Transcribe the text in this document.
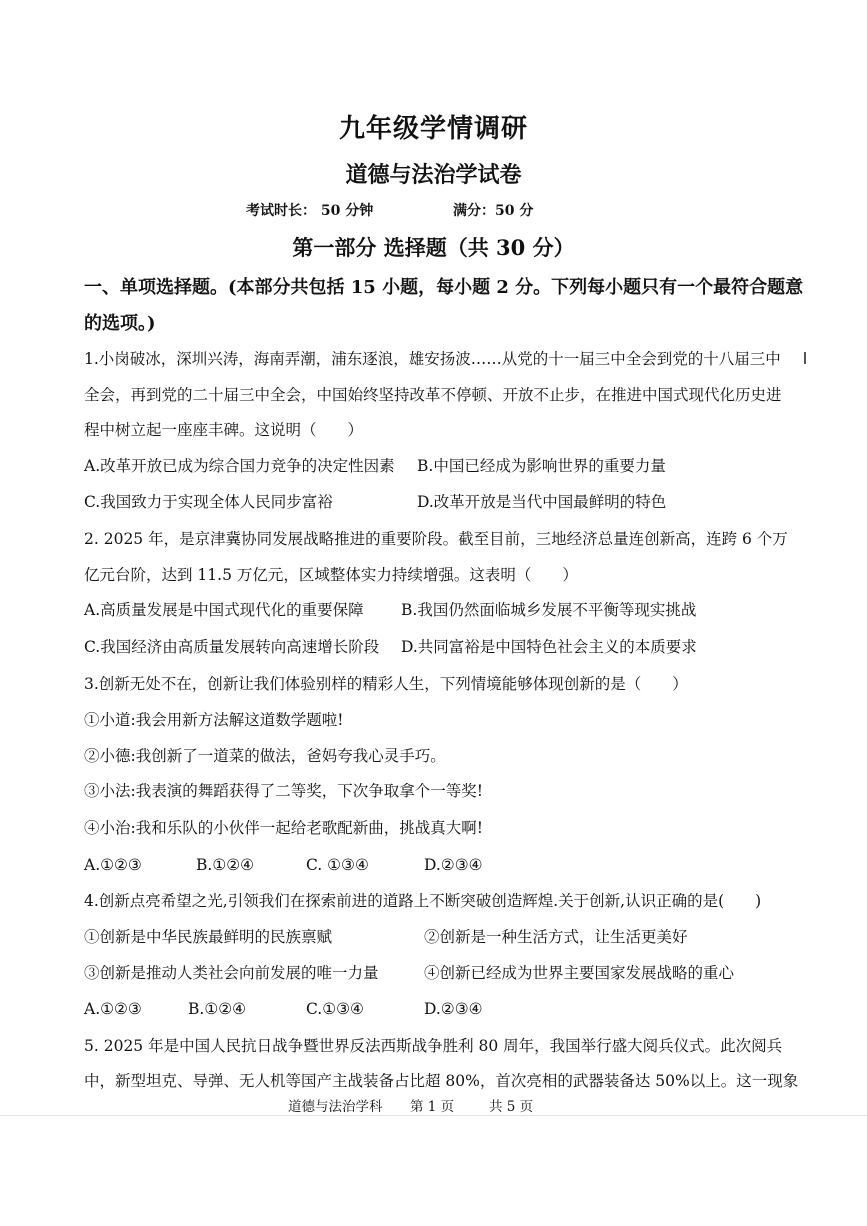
九年级学情调研
道德与法治学试卷
考试时长： 50 分钟	满分：50 分
第一部分 选择题（共 30 分）
一、单项选择题。(本部分共包括 15 小题，每小题 2 分。下列每小题只有一个最符合题意
的选项。)
1.小岗破冰，深圳兴涛，海南弄潮，浦东逐浪，雄安扬波……从党的十一届三中全会到党的十八届三中
全会，再到党的二十届三中全会，中国始终坚持改革不停顿、开放不止步，在推进中国式现代化历史进
程中树立起一座座丰碑。这说明（　　）
A.改革开放已成为综合国力竞争的决定性因素 B.中国已经成为影响世界的重要力量
C.我国致力于实现全体人民同步富裕	D.改革开放是当代中国最鲜明的特色
2. 2025 年，是京津冀协同发展战略推进的重要阶段。截至目前，三地经济总量连创新高，连跨 6 个万
亿元台阶，达到 11.5 万亿元，区域整体实力持续增强。这表明（　　）
A.高质量发展是中国式现代化的重要保障 B.我国仍然面临城乡发展不平衡等现实挑战
C.我国经济由高质量发展转向高速增长阶段 D.共同富裕是中国特色社会主义的本质要求
3.创新无处不在，创新让我们体验别样的精彩人生，下列情境能够体现创新的是（　　）
①小道:我会用新方法解这道数学题啦!
②小德:我创新了一道菜的做法，爸妈夸我心灵手巧。
③小法:我表演的舞蹈获得了二等奖，下次争取拿个一等奖!
④小治:我和乐队的小伙伴一起给老歌配新曲，挑战真大啊!
A.①②③	B.①②④	C. ①③④	D.②③④
4.创新点亮希望之光,引领我们在探索前进的道路上不断突破创造辉煌.关于创新,认识正确的是(　　)
①创新是中华民族最鲜明的民族禀赋	②创新是一种生活方式，让生活更美好
③创新是推动人类社会向前发展的唯一力量	④创新已经成为世界主要国家发展战略的重心
A.①②③	B.①②④	C.①③④	D.②③④
5. 2025 年是中国人民抗日战争暨世界反法西斯战争胜利 80 周年，我国举行盛大阅兵仪式。此次阅兵
中，新型坦克、导弹、无人机等国产主战装备占比超 80%，首次亮相的武器装备达 50%以上。这一现象
道德与法治学科 第 1 页	共 5 页
